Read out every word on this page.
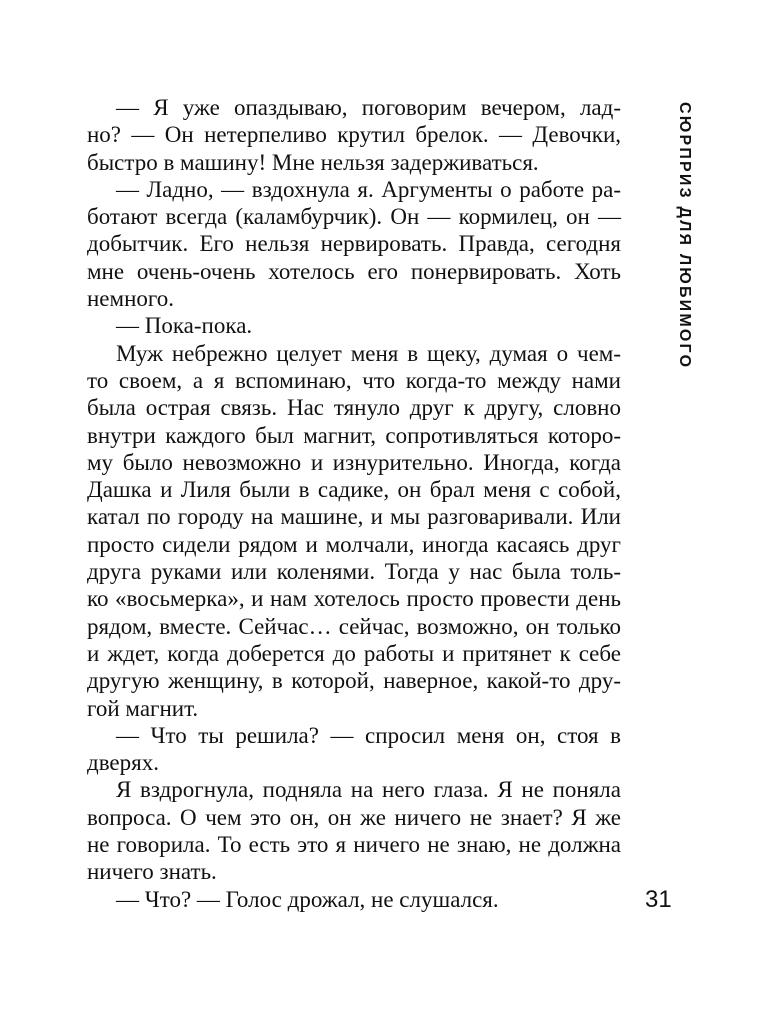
СЮРПРИЗ ДЛЯ ЛЮБИМОГО
— Я уже опаздываю, поговорим вечером, лад-
но? — Он нетерпеливо крутил брелок. — Девочки,
быстро в машину! Мне нельзя задерживаться.
— Ладно, — вздохнула я. Аргументы о работе ра-
ботают всегда (каламбурчик). Он — кормилец, он —
добытчик. Его нельзя нервировать. Правда, сегодня
мне очень-очень хотелось его понервировать. Хоть
немного.
— Пока-пока.
Муж небрежно целует меня в щеку, думая о чем-
то своем, а я вспоминаю, что когда-то между нами
была острая связь. Нас тянуло друг к другу, словно
внутри каждого был магнит, сопротивляться которо-
му было невозможно и изнурительно. Иногда, когда
Дашка и Лиля были в садике, он брал меня с собой,
катал по городу на машине, и мы разговаривали. Или
просто сидели рядом и молчали, иногда касаясь друг
друга руками или коленями. Тогда у нас была толь-
ко «восьмерка», и нам хотелось просто провести день
рядом, вместе. Сейчас… сейчас, возможно, он только
и ждет, когда доберется до работы и притянет к себе
другую женщину, в которой, наверное, какой-то дру-
гой магнит.
— Что ты решила? — спросил меня он, стоя в
дверях.
Я вздрогнула, подняла на него глаза. Я не поняла
вопроса. О чем это он, он же ничего не знает? Я же
не говорила. То есть это я ничего не знаю, не должна
ничего знать.
— Что? — Голос дрожал, не слушался.	31
